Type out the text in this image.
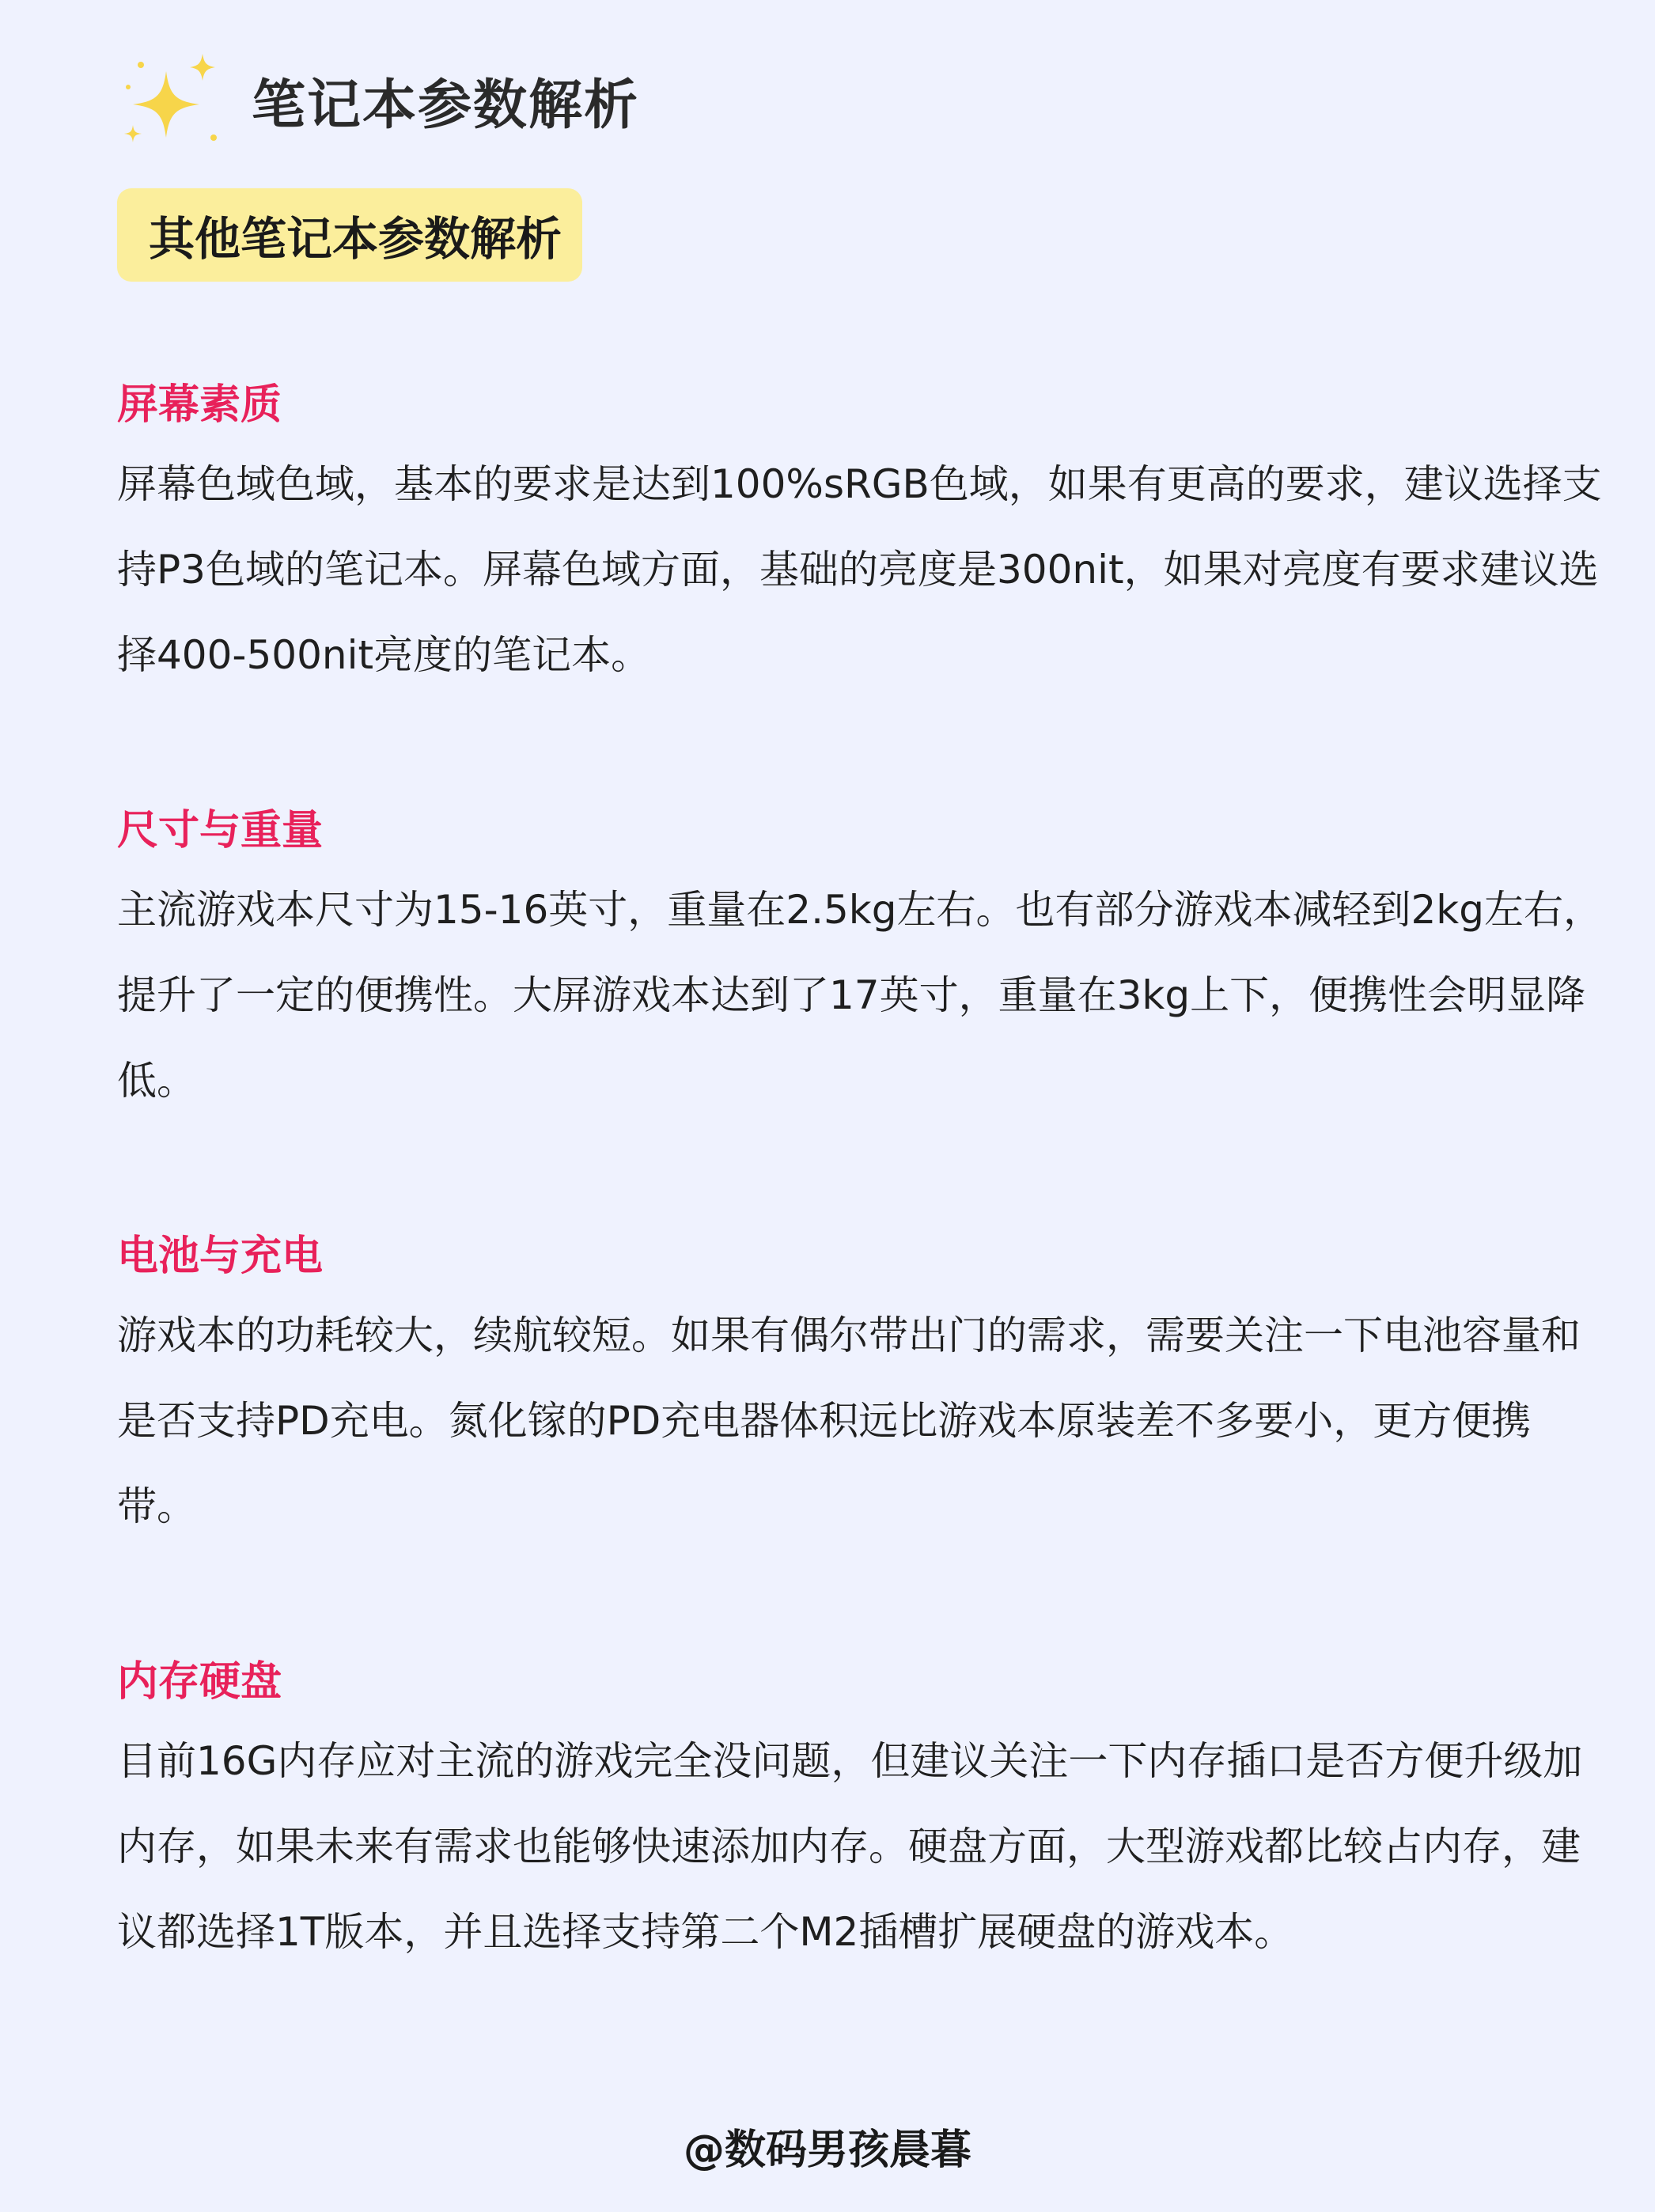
笔记本参数解析
其他笔记本参数解析
屏幕素质
屏幕色域色域，基本的要求是达到100%sRGB色域，如果有更高的要求，建议选择支持P3色域的笔记本。屏幕色域方面，基础的亮度是300nit，如果对亮度有要求建议选择400-500nit亮度的笔记本。
尺寸与重量
主流游戏本尺寸为15-16英寸，重量在2.5kg左右。也有部分游戏本减轻到2kg左右，提升了一定的便携性。大屏游戏本达到了17英寸，重量在3kg上下，便携性会明显降低。
电池与充电
游戏本的功耗较大，续航较短。如果有偶尔带出门的需求，需要关注一下电池容量和是否支持PD充电。氮化镓的PD充电器体积远比游戏本原装差不多要小，更方便携带。
内存硬盘
目前16G内存应对主流的游戏完全没问题，但建议关注一下内存插口是否方便升级加内存，如果未来有需求也能够快速添加内存。硬盘方面，大型游戏都比较占内存，建议都选择1T版本，并且选择支持第二个M2插槽扩展硬盘的游戏本。
@数码男孩晨暮
